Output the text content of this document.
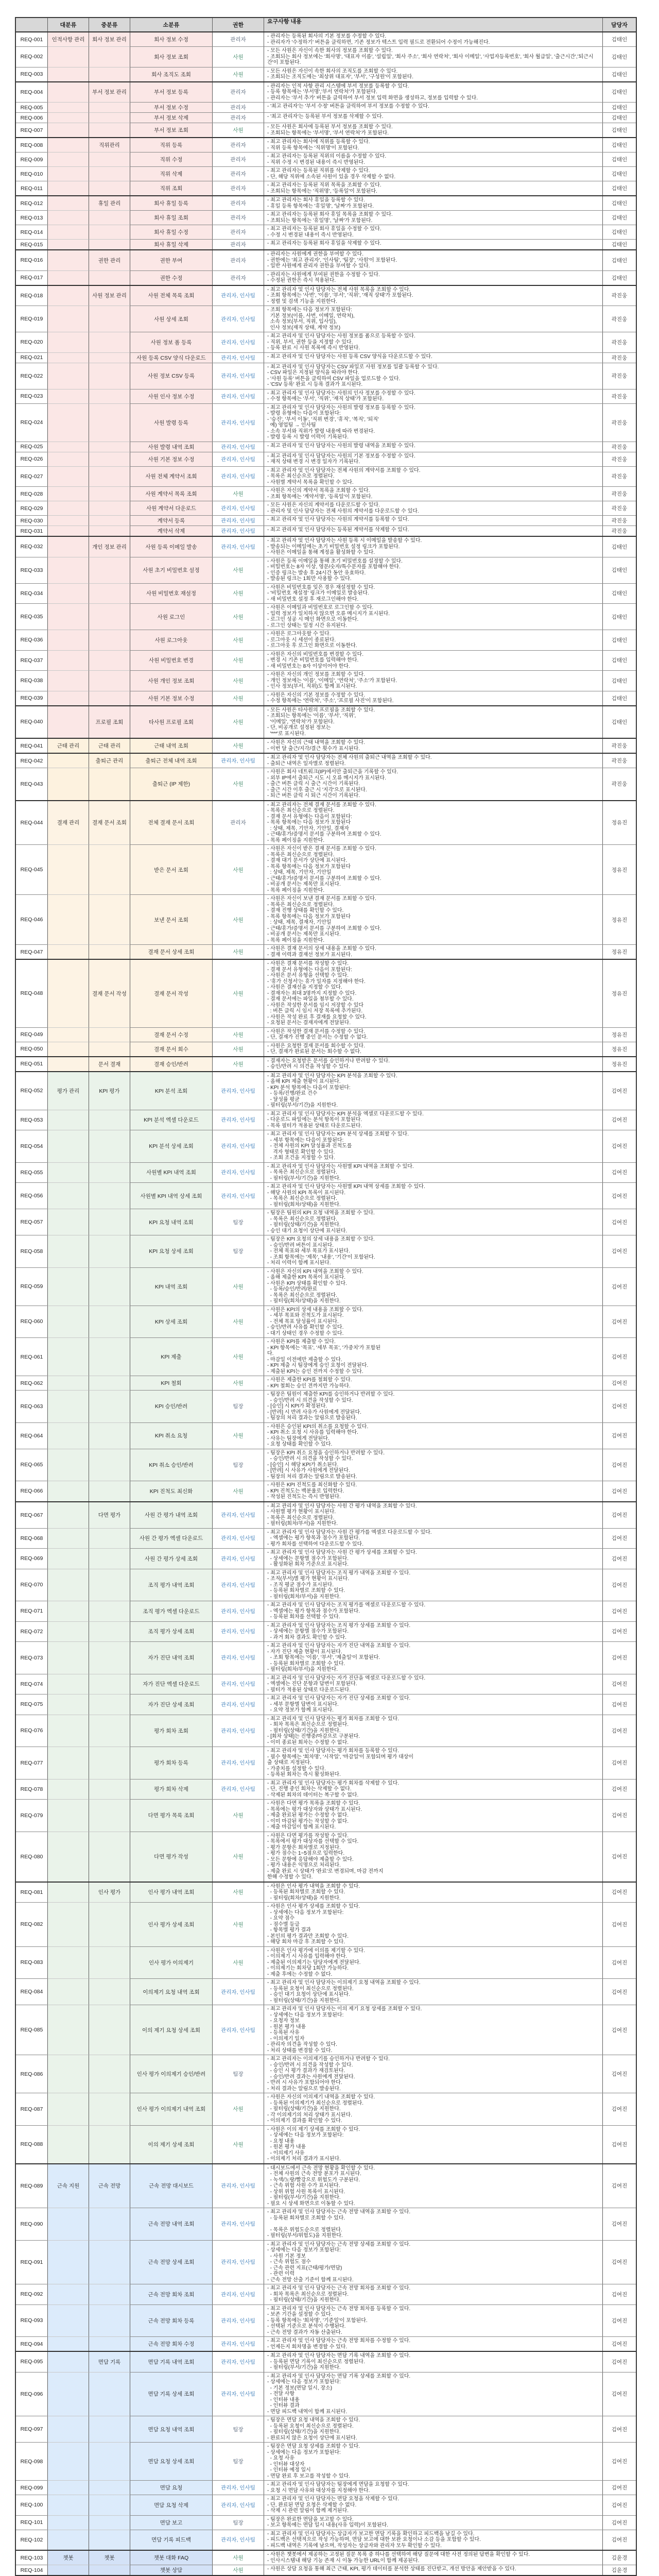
대분류	중분류	소분류	권한
요구사항 내용
담당자
REQ-001	인적사항 관리	회사 정보 관리	회사 정보 수정	관리자
- 관리자는 등록된 회사의 기본 정보를 수정할 수 있다.
- 관리자가 '수정하기' 버튼을 클릭하면, 기존 정보가 텍스트 입력 필드로 전환되어 수정이 가능해진다.	김태인
REQ-002	회사 정보 조회	사원
- 모든 사원은 자신이 속한 회사의 정보를 조회할 수 있다.
- 조회되는 회사 정보에는 '회사명', '대표자 이름', '설립일', '회사 주소', '회사 연락처', '회사 이메일', '사업자등록번호', '회사 월급일', '출근시간','퇴근시간'이 포함된다.
김태인
REQ-003	회사 조직도 조회	사원
- 모든 사원은 자신이 속한 회사의 조직도를 조회할 수 있다.
- 조회되는 조직도에는 '최상위 대표자', '부서', '구성원'이 포함된다.	김태인
REQ-004	부서 정보 관리	부서 정보 등록	관리자
- 관리자는 인적 사항 관리 시스템에 부서 정보를 등록할 수 있다.
- 등록 항목에는 '부서명','부서 연락처'가 포함된다.
- 관리자는 '부서 추가' 버튼을 클릭하여 부서 정보 입력 화면을 생성하고, 정보를 입력할 수 있다.
김태인
REQ-005	부서 정보 수정	관리자	- '최고 관리자'는 '부서 수정' 버튼을 클릭하여 부서 정보를 수정할 수 있다.	김태인
REQ-006	부서 정보 삭제	관리자	- '최고 관리자'는 등록된 부서 정보를 삭제할 수 있다.	김태인
REQ-007	부서 정보 조회	사원
- 모든 사원은 회사에 등록된 부서 정보를 조회할 수 있다.
- 조회되는 항목에는 '부서명', '부서 연락처'가 포함된다.	김태인
REQ-008	직위관리	직위 등록	관리자
- 최고 관리자는 회사에 직위를 등록할 수 있다.
- 직위 등록 항목에는 '직위명'이 포함된다.	김태인
REQ-009	직위 수정	관리자
- 최고 관리자는 등록된 직위의 이름을 수정할 수 있다.
- 직위 수정 시 변경된 내용이 즉시 반영된다.	김태인
REQ-010	직위 삭제	관리자
- 최고 관리자는 등록된 직위를 삭제할 수 있다.
- 단, 해당 직위에 소속된 사원이 있을 경우 삭제할 수 없다.	김태인
REQ-011	직위 조회	관리자
- 최고 관리자는 등록된 직위 목록을 조회할 수 있다.
- 조회되는 항목에는 '직위명', '등록일'이 포함된다.	김태인
REQ-012	휴일 관리	회사 휴일 등록	관리자
- 최고 관리자는 회사 휴일을 등록할 수 있다.
- 휴일 등록 항목에는 '휴일명', '날짜'가 포함된다.	김태인
REQ-013	회사 휴일 조회	관리자
- 최고 관리자는 등록된 회사 휴일 목록을 조회할 수 있다.
- 조회되는 항목에는 '휴일명', '날짜'가 포함된다.	김태인
REQ-014	회사 휴일 수정	관리자
- 최고 관리자는 등록된 회사 휴일을 수정할 수 있다.
- 수정 시 변경된 내용이 즉시 반영된다.	김태인
REQ-015	회사 휴일 삭제	관리자	- 최고 관리자는 등록된 회사 휴일을 삭제할 수 있다.	김태인
REQ-016	권한 관리	권한 부여	관리자
- 관리자는 사원에게 권한을 부여할 수 있다.
- 권한에는 '최고 관리자', '인사팀', '팀장', '사원'이 포함된다.
- 일반 사원에게 관리자 권한을 부여할 수 있다.
김태인
REQ-017	권한 수정	관리자
- 관리자는 사원에게 부여된 권한을 수정할 수 있다.
- 수정된 권한은 즉시 적용된다.	김태인
REQ-018	사원 정보 관리	사원 전체 목록 조회	관리자, 인사팀
- 최고 관리자 및 인사 담당자는 전체 사원 목록을 조회할 수 있다.
- 조회 항목에는 '사번', '이름', '부서', '직위', '재직 상태'가 포함된다.
- 정렬 및 검색 기능을 지원한다.
곽진웅
REQ-019	사원 상세 조회	관리자, 인사팀
- 조회 항목에는 다음 정보가 포함된다:
기본 정보(이름, 사번, 이메일, 연락처),
소속 정보(부서, 직위, 입사일),
인사 정보(재직 상태, 계약 정보)
곽진웅
REQ-020	사원 정보 폼 등록	관리자, 인사팀
- 최고 관리자 및 인사 담당자는 사원 정보를 폼으로 등록할 수 있다.
- 직위, 부서, 권한 등을 지정할 수 있다.
- 등록 완료 시 사원 목록에 즉시 반영된다.
곽진웅
REQ-021	사원 등록 CSV 양식 다운로드	관리자, 인사팀	- 최고 관리자 및 인사 담당자는 사원 등록 CSV 양식을 다운로드할 수 있다.	곽진웅
REQ-022	사원 정보 CSV 등록	관리자, 인사팀
- 최고 관리자 및 인사 담당자는 CSV 파일로 사원 정보를 일괄 등록할 수 있다.
- CSV 파일은 지정된 양식을 따라야 한다.
- '사원 등록' 버튼을 클릭하여 CSV 파일을 업로드할 수 있다.
- 'CSV 등록' 완료 시 등록 결과가 표시된다.
곽진웅
REQ-023	사원 인사 정보 수정	관리자, 인사팀
- 최고 관리자 및 인사 담당자는 사원의 인사 정보를 수정할 수 있다.
- 수정 항목에는 '부서', '직위', '재직 상태'가 포함된다.	곽진웅
REQ-024	사원 발령 등록	관리자, 인사팀
- 최고 관리자 및 인사 담당자는 사원의 발령 정보를 등록할 수 있다.
- 발령 유형에는 다음이 포함된다:
- '승진', '부서 이동', '직위 변경', '휴직', '복직', '퇴직'
예) 영업팀 → 인사팀
- 소속 부서와 직위가 발령 내용에 따라 변경된다.
- 발령 등록 시 발령 이력이 기록된다.
곽진웅
REQ-025	사원 발령 내역 조회	관리자, 인사팀	- 최고 관리자 및 인사 담당자는 사원의 발령 내역을 조회할 수 있다.	곽진웅
REQ-026	사원 기본 정보 수정	관리자, 인사팀
- 최고 관리자 및 인사 담당자는 사원의 기본 정보를 수정할 수 있다.
- 재직 상태 변경 시 변경 일자가 기록된다.	곽진웅
REQ-027	사원 전체 계약서 조회	관리자, 인사팀
- 최고 관리자 및 인사 담당자는 전체 사원의 계약서를 조회할 수 있다.
- 목록은 최신순으로 정렬된다.
- 사원별 계약서 목록을 확인할 수 있다.
곽진웅
REQ-028	사원 계약서 목록 조회	사원
- 사원은 자신의 계약서 목록을 조회할 수 있다.
- 조회 항목에는 '계약서명', '등록일'이 포함된다.	곽진웅
REQ-029	사원 계약서 다운로드	관리자, 인사팀
- 모든 사원은 자신의 계약서를 다운로드할 수 있다.
- 관리자 및 인사 담당자는 전체 사원의 계약서를 다운로드할 수 있다.	곽진웅
REQ-030	계약서 등록	관리자, 인사팀	- 최고 관리자 및 인사 담당자는 사원의 계약서를 등록할 수 있다.	곽진웅
REQ-031	계약서 삭제	관리자, 인사팀	- 최고 관리자 및 인사 담당자는 등록된 계약서를 삭제할 수 있다.	곽진웅
REQ-032	개인 정보 관리	사원 등록 이메일 발송	관리자, 인사팀
- 최고 관리자 및 인사 담당자는 사원 등록 시 이메일을 발송할 수 있다.
- 발송되는 이메일에는 초기 비밀번호 설정 링크가 포함된다.
- 사원은 이메일을 통해 계정을 활성화할 수 있다.
김태인
REQ-033	사원 초기 비밀번호 설정	사원
- 사원은 등록 이메일을 통해 초기 비밀번호를 설정할 수 있다.
- 비밀번호는 8자 이상, 영문/숫자/특수문자를 포함해야 한다.
- 인증 링크는 발송 후 24시간 동안 유효하다.
- 발송된 링크는 1회만 사용할 수 있다.
김태인
REQ-034	사원 비밀번호 재설정	사원
- 사원은 비밀번호를 잊은 경우 재설정할 수 있다.
- '비밀번호 재설정' 링크가 이메일로 발송된다.
- 새 비밀번호 설정 후 재로그인해야 한다.
김태인
REQ-035	사원 로그인	사원
- 사원은 이메일과 비밀번호로 로그인할 수 있다.
- 입력 정보가 일치하지 않으면 오류 메시지가 표시된다.
- 로그인 성공 시 메인 화면으로 이동한다.
- 로그인 상태는 일정 시간 유지된다.
김태인
REQ-036	사원 로그아웃	사원
- 사원은 로그아웃할 수 있다.
- 로그아웃 시 세션이 종료된다.
- 로그아웃 후 로그인 화면으로 이동한다.
김태인
REQ-037	사원 비밀번호 변경	사원
- 사원은 자신의 비밀번호를 변경할 수 있다.
- 변경 시 기존 비밀번호를 입력해야 한다.
- 새 비밀번호는 8자 이상이어야 한다.
김태인
REQ-038	사원 개인 정보 조회	사원
- 사원은 자신의 개인 정보를 조회할 수 있다.
- 개인 정보에는 '이름', '이메일', '연락처', '주소'가 포함된다.
- 인사 정보(부서, 직위)도 함께 표시된다.
김태인
REQ-039	사원 기본 정보 수정	사원
- 사원은 자신의 기본 정보를 수정할 수 있다.
- 수정 항목에는 '연락처', '주소', '프로필 사진'이 포함된다.	김태인
REQ-040	프로필 조회	타사원 프로필 조회	사원
- 모든 사원은 타사원의 프로필을 조회할 수 있다.
- 조회되는 항목에는 '이름', '부서', '직위',
'이메일', '연락처'가 포함된다.
- 단, 비공개로 설정된 정보는
'***'로 표시된다.
김태인
REQ-041	근태 관리	근태 관리	근태 내역 조회	사원
- 사원은 자신의 근태 내역을 조회할 수 있다.
- 이번 달 출근/지각/결근 횟수가 표시된다.	곽진웅
REQ-042	출퇴근 관리	출퇴근 전체 내역 조회	관리자, 인사팀
- 최고 관리자 및 인사 담당자는 전체 사원의 출퇴근 내역을 조회할 수 있다.
- 출퇴근 내역은 일자별로 정렬된다.	곽진웅
REQ-043	출퇴근 (IP 제한)	사원
- 사원은 회사 네트워크(IP)에서만 출퇴근을 기록할 수 있다.
- 외부 IP에서 출퇴근 시도 시 오류 메시지가 표시된다.
- 출근 버튼 클릭 시 출근 시간이 기록된다.
- 출근 시간 이후 출근 시 '지각'으로 표시된다.
- 퇴근 버튼 클릭 시 퇴근 시간이 기록된다.
곽진웅
REQ-044	결재 관리	결재 문서 조회	전체 결재 문서 조회	관리자
- 최고 관리자는 전체 결재 문서를 조회할 수 있다.
- 목록은 최신순으로 정렬된다.
- 결재 문서 유형에는 다음이 포함된다:
- 목록 항목에는 다음 정보가 포함된다
: 상태, 제목, 기안자, 기안일, 결재자
- 근태/휴가/증명서 문서를 구분하여 조회할 수 있다.
- 목록 페이징을 지원한다.
정유진
REQ-045	받은 문서 조회	사원
- 사원은 자신이 받은 결재 문서를 조회할 수 있다.
- 목록은 최신순으로 정렬된다.
- 결재 대기 문서가 상단에 표시된다.
- 목록 항목에는 다음 정보가 포함된다
: 상태, 제목, 기안자, 기안일
- 근태/휴가/증명서 문서를 구분하여 조회할 수 있다.
- 비공개 문서는 제목만 표시된다.
- 목록 페이징을 지원한다.
정유진
REQ-046	보낸 문서 조회	사원
- 사원은 자신이 보낸 결재 문서를 조회할 수 있다.
- 목록은 최신순으로 정렬된다.
- 결재 진행 상태를 확인할 수 있다.
- 목록 항목에는 다음 정보가 포함된다
: 상태, 제목, 결재자, 기안일
- 근태/휴가/증명서 문서를 구분하여 조회할 수 있다.
- 비공개 문서는 제목만 표시된다.
- 목록 페이징을 지원한다.
정유진
REQ-047	결재 문서 상세 조회	사원
- 사원은 결재 문서의 상세 내용을 조회할 수 있다.
- 결재 이력과 결재선 정보가 표시된다.	정유진
REQ-048	결재 문서 작성	결재 문서 작성	사원
- 사원은 결재 문서를 작성할 수 있다.
- 결재 문서 유형에는 다음이 포함된다:
- 사원은 문서 유형을 선택할 수 있다.
- '휴가 신청서'는 휴가 일자를 지정해야 한다.
- 사원은 결재선을 지정할 수 있다.
- 결재자는 최대 3명까지 지정할 수 있다.
- 결재 문서에는 파일을 첨부할 수 있다.
- 사원은 작성한 문서를 임시 저장할 수 있다
: 버튼 클릭 시 임시 저장 목록에 추가된다.
- 사원은 작성 완료 후 결재를 요청할 수 있다.
- 요청된 문서는 결재자에게 전달된다.
정유진
REQ-049	결재 문서 수정	사원
- 사원은 작성한 결재 문서를 수정할 수 있다.
- 단, 결재가 진행 중인 문서는 수정할 수 없다.	정유진
REQ-050	결재 문서 회수	사원
- 사원은 요청한 결재 문서를 회수할 수 있다.
- 단, 결재가 완료된 문서는 회수할 수 없다.	정유진
REQ-051	문서 결재	결재 승인/반려	사원
- 결재자는 요청받은 문서를 승인하거나 반려할 수 있다.
- 승인/반려 시 의견을 작성할 수 있다.	정유진
REQ-052	평가 관리	KPI 평가	KPI 분석 조회	관리자, 인사팀
- 최고 관리자 및 인사 담당자는 KPI 분석을 조회할 수 있다.
- 올해 KPI 제출 현황이 표시된다.
- KPI 분석 항목에는 다음이 포함된다:
- 등록/진행/완료 건수
- 달성률 평균
- 필터링(부서/기간)을 지원한다.
김여진
REQ-053	KPI 분석 엑셀 다운로드	관리자, 인사팀
- 최고 관리자 및 인사 담당자는 KPI 분석을 엑셀로 다운로드할 수 있다.
- 다운로드 파일에는 분석 항목이 포함된다.
- 목록 필터가 적용된 상태로 다운로드된다.
김여진
REQ-054	KPI 분석 상세 조회	관리자, 인사팀
- 최고 관리자 및 인사 담당자는 KPI 분석 상세를 조회할 수 있다.
- 세부 항목에는 다음이 포함된다:
- 전체 사원의 KPI 달성률과 진척도를
격자 형태로 확인할 수 있다.
- 조회 조건을 지정할 수 있다.
김여진
REQ-055	사원별 KPI 내역 조회	관리자, 인사팀
- 최고 관리자 및 인사 담당자는 사원별 KPI 내역을 조회할 수 있다.
- 목록은 최신순으로 정렬된다.
- 필터링(부서/기간)을 지원한다.
김여진
REQ-056	사원별 KPI 내역 상세 조회	관리자, 인사팀
- 최고 관리자 및 인사 담당자는 사원별 KPI 내역 상세를 조회할 수 있다.
- 해당 사원의 KPI 목록이 표시된다.
- 목록은 최신순으로 정렬된다.
- 필터링(회차/상태)을 지원한다.
김여진
REQ-057	KPI 요청 내역 조회	팀장
- 팀장은 팀원의 KPI 요청 내역을 조회할 수 있다.
- 목록은 최신순으로 정렬된다.
- 필터링(상태/기간)을 지원한다.
- 승인 대기 요청이 상단에 표시된다.
김여진
REQ-058	KPI 요청 상세 조회	팀장
- 팀장은 KPI 요청의 상세 내용을 조회할 수 있다.
- 승인/반려 버튼이 표시된다.
- 전체 목표와 세부 목표가 표시된다.
- 조회 항목에는 '제목', '내용', '기간'이 포함된다.
- 처리 이력이 함께 표시된다.
김여진
REQ-059	KPI 내역 조회	사원
- 사원은 자신의 KPI 내역을 조회할 수 있다.
- 올해 제출한 KPI 목록이 표시된다.
- 사원은 KPI 상태를 확인할 수 있다.
- 등록/승인/반려/완료
- 목록은 최신순으로 정렬된다.
- 필터링(회차/상태)을 지원한다.
김여진
REQ-060	KPI 상세 조회	사원
- 사원은 KPI의 상세 내용을 조회할 수 있다.
- 세부 목표와 진척도가 표시된다.
- 전체 목표 달성률이 표시된다.
- 승인/반려 사유를 확인할 수 있다.
- 대기 상태인 경우 수정할 수 있다.
김여진
REQ-061	KPI 제출	사원
- 사원은 KPI를 제출할 수 있다.
- KPI 항목에는 '목표', '세부 목표', '가중치'가 포함된
다.
- 마감일 이전에만 제출할 수 있다.
- KPI 제출 시 팀장에게 승인 요청이 전달된다.
- 제출된 KPI는 승인 전까지 수정할 수 있다.
김여진
REQ-062	KPI 철회	사원
- 사원은 제출한 KPI를 철회할 수 있다.
- KPI 철회는 승인 전까지만 가능하다.	김여진
REQ-063	KPI 승인/반려	팀장
- 팀장은 팀원이 제출한 KPI를 승인하거나 반려할 수 있다.
- 승인/반려 시 의견을 작성할 수 있다.
- [승인] 시 KPI가 확정된다.
- [반려] 시 반려 사유가 사원에게 전달된다.
- 팀장의 처리 결과는 알림으로 발송된다.
김여진
REQ-064	KPI 취소 요청	사원
- 사원은 승인된 KPI의 취소를 요청할 수 있다.
- KPI 취소 요청 시 사유를 입력해야 한다.
- 사유는 팀장에게 전달된다.
- 요청 상태를 확인할 수 있다.
김여진
REQ-065	KPI 취소 승인/반려	팀장
- 팀장은 KPI 취소 요청을 승인하거나 반려할 수 있다.
- 승인/반려 시 의견을 작성할 수 있다.
- [승인] 시 해당 KPI가 취소된다.
- [반려] 시 사유가 사원에게 전달된다.
- 팀장의 처리 결과는 알림으로 발송된다.
김여진
REQ-066	KPI 진척도 최신화	사원
- 사원은 KPI 진척도를 최신화할 수 있다.
- KPI 진척도는 백분율로 입력한다.
- 작성된 진척도는 즉시 반영된다.
김여진
REQ-067	다면 평가	사원 간 평가 내역 조회	관리자, 인사팀
- 최고 관리자 및 인사 담당자는 사원 간 평가 내역을 조회할 수 있다.
- 사원별 평가 현황이 표시된다.
- 목록은 최신순으로 정렬된다.
- 필터링(회차/부서)을 지원한다.
김여진
REQ-068	사원 간 평가 엑셀 다운로드	관리자, 인사팀
- 최고 관리자 및 인사 담당자는 사원 간 평가를 엑셀로 다운로드할 수 있다.
- 엑셀에는 평가 항목과 점수가 포함된다.
- 평가 회차를 선택하여 다운로드할 수 있다.
김여진
REQ-069	사원 간 평가 상세 조회	관리자, 인사팀
- 최고 관리자 및 인사 담당자는 사원 간 평가 상세를 조회할 수 있다.
- 상세에는 문항별 점수가 포함된다.
- 활성화된 회차 기준으로 표시된다.
김여진
REQ-070	조직 평가 내역 조회	관리자, 인사팀
- 최고 관리자 및 인사 담당자는 조직 평가 내역을 조회할 수 있다.
- 조직(부서)별 평가 현황이 표시된다.
- 조직 평균 점수가 표시된다.
- 등록된 회차별로 조회할 수 있다.
- 필터링(회차/부서)을 지원한다.
김여진
REQ-071	조직 평가 엑셀 다운로드	관리자, 인사팀
- 최고 관리자 및 인사 담당자는 조직 평가를 엑셀로 다운로드할 수 있다.
- 엑셀에는 평가 항목과 점수가 포함된다.
- 등록된 회차를 선택할 수 있다.
김여진
REQ-072	조직 평가 상세 조회	관리자, 인사팀
- 최고 관리자 및 인사 담당자는 조직 평가 상세를 조회할 수 있다.
- 상세에는 문항별 점수가 포함된다.
- 과거 회차 결과도 확인할 수 있다.
김여진
REQ-073	자가 진단 내역 조회	관리자, 인사팀
- 최고 관리자 및 인사 담당자는 자가 진단 내역을 조회할 수 있다.
- 자가 진단 제출 현황이 표시된다.
- 조회 항목에는 '이름', '부서', '제출일'이 포함된다.
- 등록된 회차별로 조회할 수 있다.
- 필터링(회차/부서)을 지원한다.
김여진
REQ-074	자가 진단 엑셀 다운로드	관리자, 인사팀
- 최고 관리자 및 인사 담당자는 자가 진단을 엑셀로 다운로드할 수 있다.
- 엑셀에는 진단 문항과 답변이 포함된다.
- 필터가 적용된 상태로 다운로드된다.
김여진
REQ-075	자가 진단 상세 조회	관리자, 인사팀
- 최고 관리자 및 인사 담당자는 자가 진단 상세를 조회할 수 있다.
- 세부 문항별 답변이 표시된다.
- 요약 정보가 함께 표시된다.
김여진
REQ-076	평가 회차 조회	관리자, 인사팀
- 최고 관리자 및 인사 담당자는 평가 회차를 조회할 수 있다.
- 회차 목록은 최신순으로 정렬된다.
- 필터링(상태/기간)을 지원한다.
- [회차 상태]는 진행중/마감으로 구분된다.
- 이미 종료된 회차는 수정할 수 없다.
김여진
REQ-077	평가 회차 등록	관리자, 인사팀
- 최고 관리자 및 인사 담당자는 평가 회차를 등록할 수 있다.
- 필수 항목에는 '회차명', '시작일', '마감일'이 포함되며 평가 대상이
출 상태로 지정된다.
- 가중치를 설정할 수 있다.
- 등록된 회차는 즉시 활성화된다.
김여진
REQ-078	평가 회차 삭제	관리자, 인사팀
- 최고 관리자 및 인사 담당자는 평가 회차를 삭제할 수 있다.
- 단, 진행 중인 회차는 삭제할 수 없다.
- 삭제된 회차의 데이터는 복구할 수 없다.
김여진
REQ-079	다면 평가 목록 조회	사원
- 사원은 다면 평가 목록을 조회할 수 있다.
- 목록에는 평가 대상자와 상태가 표시된다.
- 제출 완료된 평가는 수정할 수 없다.
- 이미 마감된 평가는 작성할 수 없다.
- 제출 마감일이 함께 표시된다.
김여진
REQ-080	다면 평가 작성	사원
- 사원은 다면 평가를 작성할 수 있다.
- 목록에서 평가 대상자를 선택할 수 있다.
- 평가 문항은 회차별로 지정된다.
- 평가 점수는 1~5점으로 입력한다.
- 모든 문항에 응답해야 제출할 수 있다.
- 평가 내용은 익명으로 처리된다.
- 제출 완료 시 상태가 '완료'로 변경되며, 마감 전까지
한해 수정할 수 있다.
김여진
REQ-081	인사 평가	인사 평가 내역 조회	사원
- 사원은 인사 평가 내역을 조회할 수 있다.
- 등록된 회차별로 조회할 수 있다.
- 필터링(회차/상태)을 지원한다.
김여진
REQ-082	인사 평가 상세 조회	사원
- 사원은 인사 평가 상세를 조회할 수 있다.
- 상세에는 다음 정보가 포함된다:
- 요약 점수
- 점수별 등급
- 항목별 평가 결과
- 본인의 평가 결과만 조회할 수 있다.
- 해당 회차 마감 후 조회할 수 있다.
김여진
REQ-083	인사 평가 이의제기	사원
- 사원은 인사 평가에 이의를 제기할 수 있다.
- 이의제기 시 사유를 입력해야 한다.
- 제출된 이의제기는 담당자에게 전달된다.
- 이의제기는 회차당 1회만 가능하다.
- 제출 후에는 수정할 수 없다.
김여진
REQ-084	이의제기 요청 내역 조회	관리자, 인사팀
- 최고 관리자 및 인사 담당자는 이의제기 요청 내역을 조회할 수 있다.
- 등록된 요청이 최신순으로 정렬된다.
- 승인 대기 요청이 상단에 표시된다.
- 필터링(상태/기간)을 지원한다.
김여진
REQ-085	이의 제기 요청 상세 조회	관리자, 인사팀
- 최고 관리자 및 인사 담당자는 이의 제기 요청 상세를 조회할 수 있다.
- 상세에는 다음 정보가 포함된다:
- 요청자 정보
- 원본 평가 내용
- 등록된 사유
- 이의제기 일자
- 관리자 의견을 작성할 수 있다.
- 처리 상태를 변경할 수 있다.
김여진
REQ-086	인사 평가 이의제기 승인/반려	팀장
- 최고 관리자는 이의제기를 승인하거나 반려할 수 있다.
- 승인/반려 시 의견을 작성할 수 있다.
- 승인 시 평가 결과가 재검토된다.
- 승인/반려 결과는 사원에게 전달된다.
- 반려 시 사유가 포함되어야 한다.
- 처리 결과는 알림으로 발송된다.
김여진
REQ-087	인사 평가 이의제기 내역 조회	사원
- 사원은 자신의 이의제기 내역을 조회할 수 있다.
- 등록된 이의제기가 최신순으로 정렬된다.
- 필터링(상태/기간)을 지원한다.
- 각 이의제기의 처리 상태가 표시된다.
- 이의제기 결과를 확인할 수 있다.
김여진
REQ-088	이의 제기 상세 조회	사원
- 사원은 이의 제기 상세를 조회할 수 있다.
- 상세에는 다음 정보가 포함된다:
- 요청 내용
- 원본 평가 내용
- 이의제기 사유
- 이의제기 처리 결과가 표시된다.
김여진
REQ-089	근속 지원	근속 전망	근속 전망 대시보드	관리자, 인사팀
- 대시보드에서 근속 전망 현황을 확인할 수 있다.
- 전체 사원의 근속 전망 분포가 표시된다.
- 녹색/노랑/빨강으로 위험도가 구분된다.
- 근속 위험 사원 수가 표시된다.
- 상위 위험 사원 목록이 표시된다.
- 필터링(부서/기간)을 지원한다.
- 필요 시 상세 화면으로 이동할 수 있다.
김여진
REQ-090	근속 전망 내역 조회	관리자, 인사팀
- 최고 관리자 및 인사 담당자는 근속 전망 내역을 조회할 수 있다.
- 등록된 회차별로 조회할 수 있다.

- 목록은 위험도순으로 정렬된다.
- 필터링(부서/위험도)을 지원한다.
김여진
REQ-091	근속 전망 상세 조회	관리자, 인사팀
- 최고 관리자 및 인사 담당자는 근속 전망 상세를 조회할 수 있다.
- 상세에는 다음 정보가 포함된다:
- 사원 기본 정보
- 근속 위험도 점수
- 근속 관련 지표(근태/평가/면담)
- 관련 이력
- 근속 전망 산출 기준이 함께 표시된다.
김여진
REQ-092	근속 전망 회차 조회	관리자, 인사팀
- 최고 관리자 및 인사 담당자는 근속 전망 회차를 조회할 수 있다.
- 회차 목록은 최신순으로 정렬된다.
- 필터링(상태/기간)을 지원한다.
김여진
REQ-093	근속 전망 회차 등록	관리자, 인사팀
- 최고 관리자 및 인사 담당자는 근속 전망 회차를 등록할 수 있다.
- 보존 기간을 설정할 수 있다.
- 등록 항목에는 '회차명', '기준일'이 포함된다.
- 선택된 기준으로 분석이 수행된다.
- 근속 전망 결과가 자동 산출된다.
김여진
REQ-094	근속 전망 회차 수정	관리자, 인사팀
- 최고 관리자 및 인사 담당자는 근속 전망 회차를 수정할 수 있다.
- 언제든지 회차명을 변경할 수 있다.	김여진
REQ-095	면담 기록	면담 기록 내역 조회	관리자, 인사팀
- 최고 관리자 및 인사 담당자는 면담 기록 내역을 조회할 수 있다.
- 등록된 면담 기록이 최신순으로 정렬된다.
- 필터링(부서/기간)을 지원한다.
김여진
REQ-096	면담 기록 상세 조회	관리자, 인사팀
- 최고 관리자 및 인사 담당자는 면담 기록 상세를 조회할 수 있다.
- 상세에는 다음 정보가 포함된다:
- 기본 정보(면담 일시, 장소)
- 전달 사항
- 인터뷰 내용
- 인터뷰 결과
- 면담 피드백 내역이 함께 표시된다.
김여진
REQ-097	면담 요청 내역 조회	팀장
- 팀장은 면담 요청 내역을 조회할 수 있다.
- 등록된 요청이 최신순으로 정렬된다.
- 필터링(상태/기간)을 지원한다.
- 완료되지 않은 요청이 상단에 표시된다.
김여진
REQ-098	면담 요청 상세 조회	팀장
- 팀장은 면담 요청 상세를 조회할 수 있다.
- 상세에는 다음 정보가 포함된다:
- 요청 사유
- 인터뷰 대상자
- 인터뷰 예정 일시
- 면담 완료 후 보고를 작성할 수 있다.
김여진
REQ-099	면담 요청	관리자, 인사팀
- 최고 관리자 및 인사 담당자는 팀장에게 면담을 요청할 수 있다.
- 요청 시 면담 사유와 대상자를 지정해야 한다.	김여진
REQ-100	면담 요청 삭제	관리자, 인사팀
- 최고 관리자 및 인사 담당자는 면담 요청을 삭제할 수 있다.
- 단, 완료된 면담 요청은 삭제할 수 없다.
- 삭제 시 관련 알림이 함께 제거된다.
김여진
REQ-101	면담 보고	팀장
- 팀장은 완료한 면담을 보고할 수 있다.
- 보고 항목에는 면담 일시 내용(사유 입력)이 포함된다.	김여진
REQ-102	면담 기록 피드백	관리자, 인사팀
- 최고 관리자 및 인사 담당자는 상급자가 보고한 면담 기록을 확인하고 피드백을 남길 수 있다.
- 피드백은 선택적으로 작성 가능하며, 면담 보고에 대한 보완 요청이나 소감 등을 포함할 수 있다.
- 피드백 내역은 기록에 남으며, 작성자는 상급자와 관리자 모두 확인할 수 있다.
김여진
REQ-103	챗봇	챗봇	챗봇 대화 FAQ	사원
- 사원은 챗봇에서 제공하는 고정된 질문 목록 중 하나를 선택하여 해당 질문에 대한 사전 정의된 답변을 확인할 수 있다.
- 인사시스템내 해당 기능 존재 시 이동 가능한 URL이 함께 제공된다.	김윤경
REQ-104	챗봇 상담	사원	- 사원은 상담 요청을 통해 최근 근태, KPI, 평가 데이터를 분석한 상태를 진단받고, 개선 방안을 제안받을 수 있다.	김윤경
